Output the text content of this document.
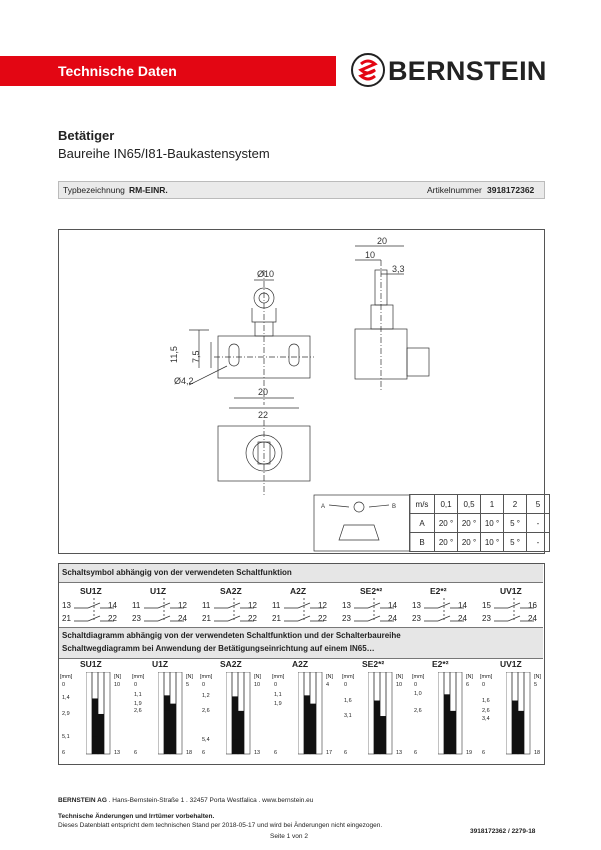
Technische Daten	BERNSTEIN
Betätiger
Baureihe IN65/I81-Baukastensystem
Typbezeichnung RM-EINR.	Artikelnummer 3918172362
Ø10
Ø4,2
11,5 7,5
20
22
20
10
3,3
A	B m/s	0,1	0,5	1	2	5
A	20 °	20 °	10 °	5 °	-
B	20 °	20 °	10 °	5 °	-
Schaltsymbol abhängig von der verwendeten Schaltfunktion
SU1Z
13	14
21	22
U1Z
11	12
23	24
SA2Z
11	12
21	22
A2Z
11	12
21	22
SE2*²
13	14
23	24
E2*²
13	14
23	24
UV1Z
15	16
23	24
Schaltdiagramm abhängig von der verwendeten Schaltfunktion und der Schalterbaureihe
Schaltwegdiagramm bei Anwendung der Betätigungseinrichtung auf einem IN65…
SU1Z
[mm]
0
[N]
10
6	13
1,4
2,9
5,1
U1Z
[mm]
0
[N]
5
6	18
1,1
1,9
2,6
SA2Z
[mm]
0
[N]
10
6	13
1,2
2,6
5,4
A2Z
[mm]
0
[N]
4
6	17
1,1
1,9
SE2*²
[mm]
0
[N]
10
6	13
1,6
3,1
E2*²
[mm]
0
[N]
6
6	19
1,0
2,6
UV1Z
[mm]
0
[N]
5
6	18
1,6
2,6
3,4
BERNSTEIN AG . Hans-Bernstein-Straße 1 . 32457 Porta Westfalica . www.bernstein.eu
Technische Änderungen und Irrtümer vorbehalten.
Dieses Datenblatt entspricht dem technischen Stand per 2018-05-17 und wird bei Änderungen nicht eingezogen.
Seite 1 von 2
3918172362 / 2279-18
